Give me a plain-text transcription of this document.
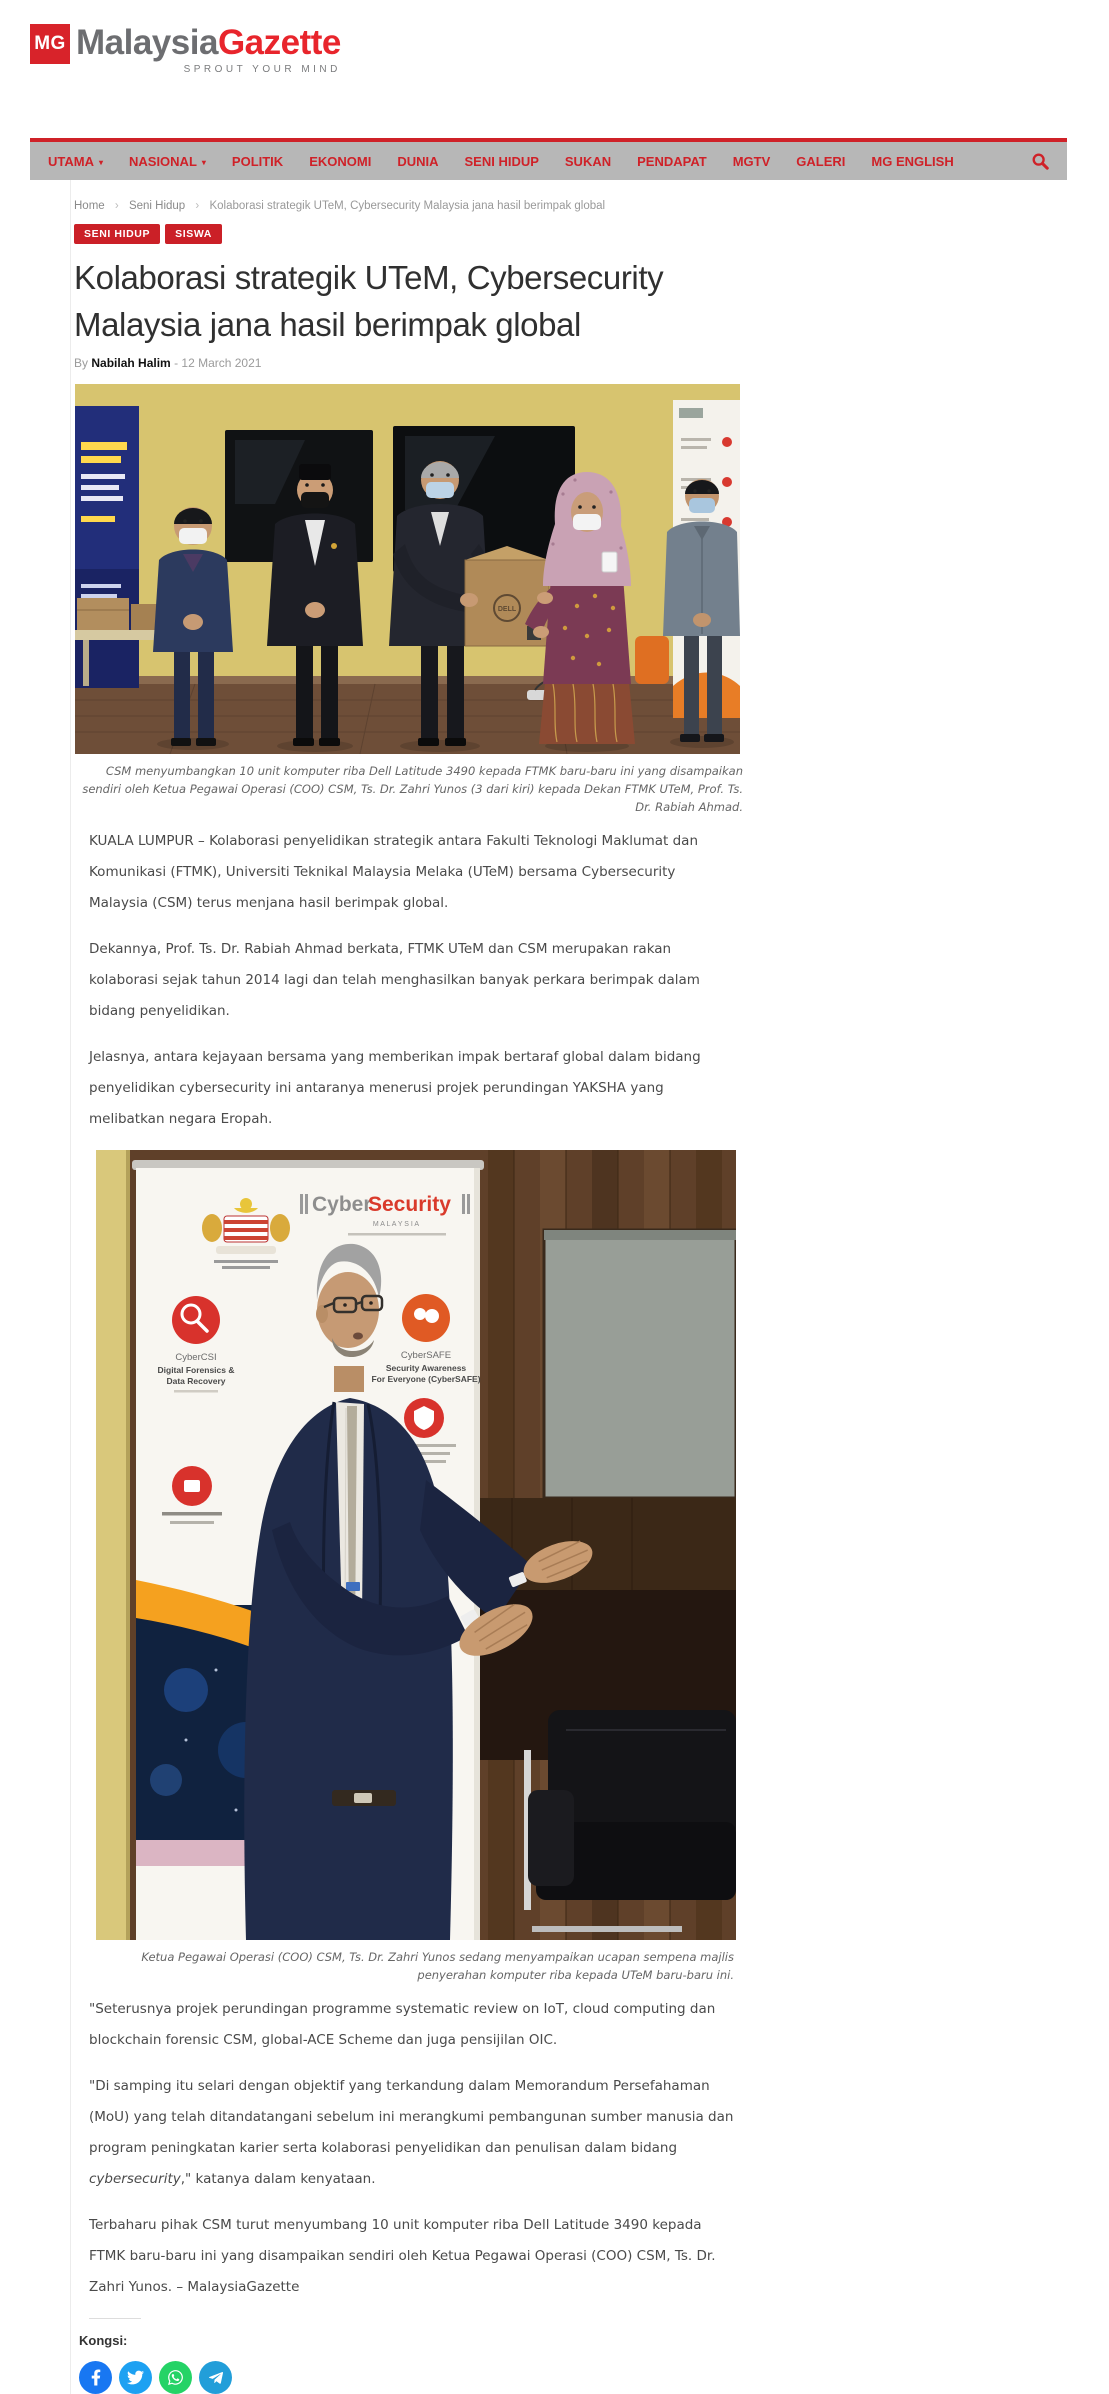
MG MalaysiaGazette
SPROUT YOUR MIND
UTAMA ▾ NASIONAL ▾ POLITIK EKONOMI DUNIA SENI HIDUP SUKAN PENDAPAT MGTV GALERI MG ENGLISH
Home › Seni Hidup › Kolaborasi strategik UTeM, Cybersecurity Malaysia jana hasil berimpak global
SENI HIDUP	SISWA
Kolaborasi strategik UTeM, Cybersecurity Malaysia jana hasil berimpak global
By Nabilah Halim - 12 March 2021
DELL
CSM menyumbangkan 10 unit komputer riba Dell Latitude 3490 kepada FTMK baru-baru ini yang disampaikan sendiri oleh Ketua Pegawai Operasi (COO) CSM, Ts. Dr. Zahri Yunos (3 dari kiri) kepada Dekan FTMK UTeM, Prof. Ts. Dr. Rabiah Ahmad.

KUALA LUMPUR – Kolaborasi penyelidikan strategik antara Fakulti Teknologi Maklumat dan Komunikasi (FTMK), Universiti Teknikal Malaysia Melaka (UTeM) bersama Cybersecurity Malaysia (CSM) terus menjana hasil berimpak global.

Dekannya, Prof. Ts. Dr. Rabiah Ahmad berkata, FTMK UTeM dan CSM merupakan rakan kolaborasi sejak tahun 2014 lagi dan telah menghasilkan banyak perkara berimpak dalam bidang penyelidikan.

Jelasnya, antara kejayaan bersama yang memberikan impak bertaraf global dalam bidang penyelidikan cybersecurity ini antaranya menerusi projek perundingan YAKSHA yang melibatkan negara Eropah.

Cyber
Security
M A L A Y S I A
CyberCSI
Digital Forensics &
Data Recovery
CyberSAFE
Security Awareness
For Everyone (CyberSAFE)
Ketua Pegawai Operasi (COO) CSM, Ts. Dr. Zahri Yunos sedang menyampaikan ucapan sempena majlis penyerahan komputer riba kepada UTeM baru-baru ini.

"Seterusnya projek perundingan programme systematic review on IoT, cloud computing dan blockchain forensic CSM, global-ACE Scheme dan juga pensijilan OIC.

"Di samping itu selari dengan objektif yang terkandung dalam Memorandum Persefahaman (MoU) yang telah ditandatangani sebelum ini merangkumi pembangunan sumber manusia dan program peningkatan karier serta kolaborasi penyelidikan dan penulisan dalam bidang cybersecurity," katanya dalam kenyataan.

Terbaharu pihak CSM turut menyumbang 10 unit komputer riba Dell Latitude 3490 kepada FTMK baru-baru ini yang disampaikan sendiri oleh Ketua Pegawai Operasi (COO) CSM, Ts. Dr. Zahri Yunos. – MalaysiaGazette

Kongsi:
